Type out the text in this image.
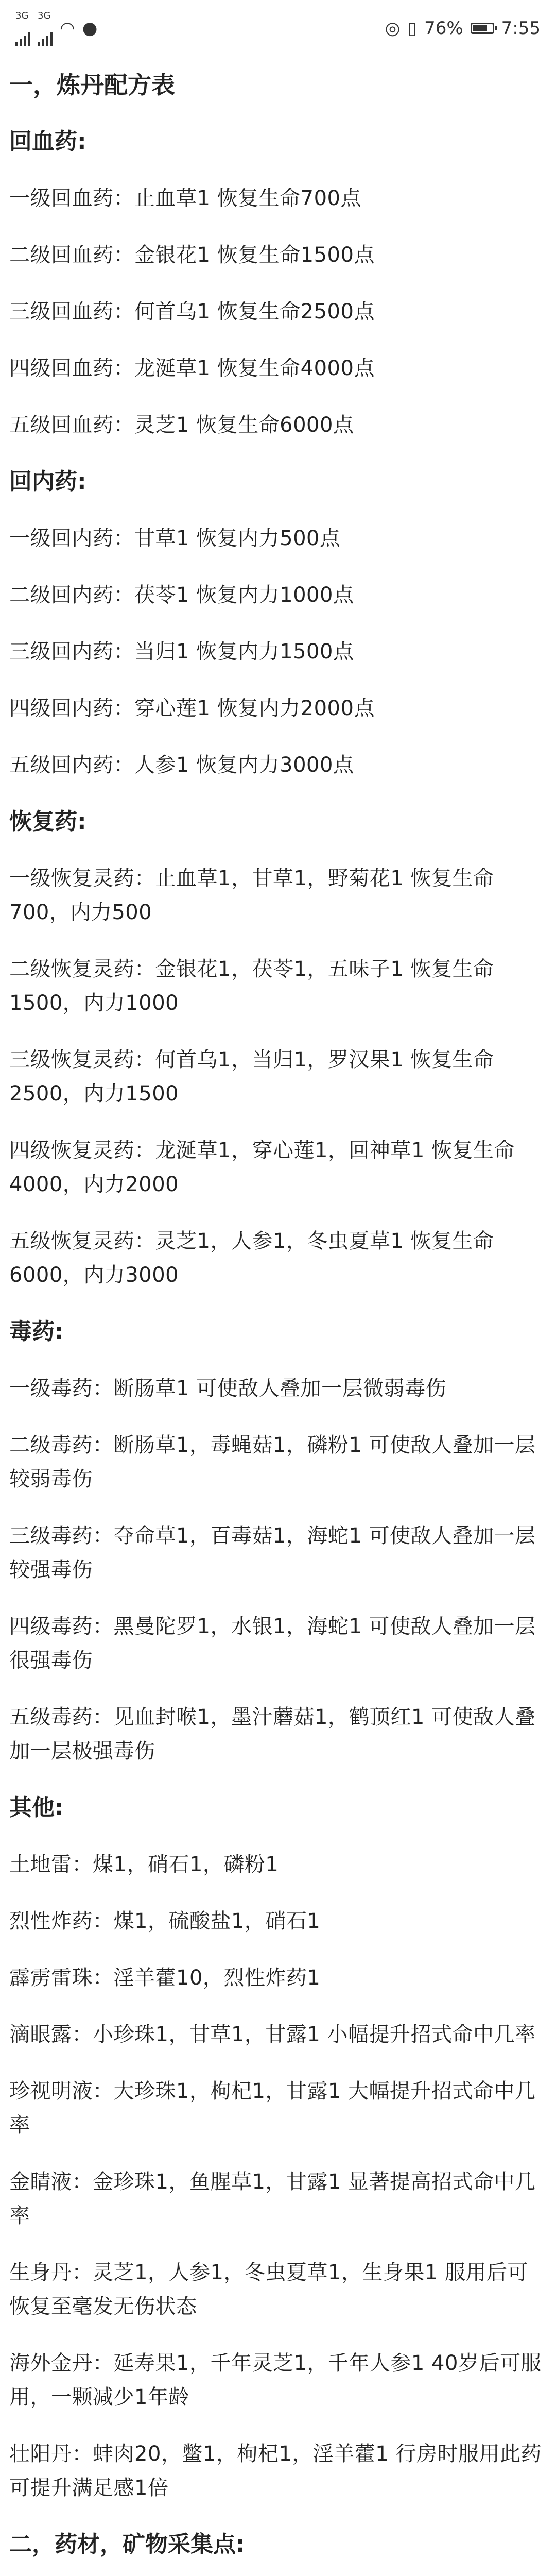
$^{3G}$ $^{3G}$
◠ ●	◎ ▯ 76% 7:55
一，炼丹配方表
回血药:

一级回血药：止血草1 恢复生命700点

二级回血药：金银花1 恢复生命1500点

三级回血药：何首乌1 恢复生命2500点

四级回血药：龙涎草1 恢复生命4000点

五级回血药：灵芝1 恢复生命6000点

回内药:

一级回内药：甘草1 恢复内力500点

二级回内药：茯苓1 恢复内力1000点

三级回内药：当归1 恢复内力1500点

四级回内药：穿心莲1 恢复内力2000点

五级回内药：人参1 恢复内力3000点

恢复药:

一级恢复灵药：止血草1，甘草1，野菊花1 恢复生命700，内力500

二级恢复灵药：金银花1，茯苓1，五味子1 恢复生命1500，内力1000

三级恢复灵药：何首乌1，当归1，罗汉果1 恢复生命2500，内力1500

四级恢复灵药：龙涎草1，穿心莲1，回神草1 恢复生命4000，内力2000

五级恢复灵药：灵芝1，人参1，冬虫夏草1 恢复生命6000，内力3000

毒药:

一级毒药：断肠草1 可使敌人叠加一层微弱毒伤

二级毒药：断肠草1，毒蝇菇1，磷粉1 可使敌人叠加一层较弱毒伤

三级毒药：夺命草1，百毒菇1，海蛇1 可使敌人叠加一层较强毒伤

四级毒药：黑曼陀罗1，水银1，海蛇1 可使敌人叠加一层很强毒伤

五级毒药：见血封喉1，墨汁蘑菇1，鹤顶红1 可使敌人叠加一层极强毒伤

其他:

土地雷：煤1，硝石1，磷粉1

烈性炸药：煤1，硫酸盐1，硝石1

霹雳雷珠：淫羊藿10，烈性炸药1

滴眼露：小珍珠1，甘草1，甘露1 小幅提升招式命中几率

珍视明液：大珍珠1，枸杞1，甘露1 大幅提升招式命中几率

金睛液：金珍珠1，鱼腥草1，甘露1 显著提高招式命中几率

生身丹：灵芝1，人参1，冬虫夏草1，生身果1 服用后可恢复至毫发无伤状态

海外金丹：延寿果1，千年灵芝1，千年人参1 40岁后可服用，一颗减少1年龄

壮阳丹：蚌肉20，鳖1，枸杞1，淫羊藿1 行房时服用此药可提升满足感1倍

二，药材，矿物采集点:
